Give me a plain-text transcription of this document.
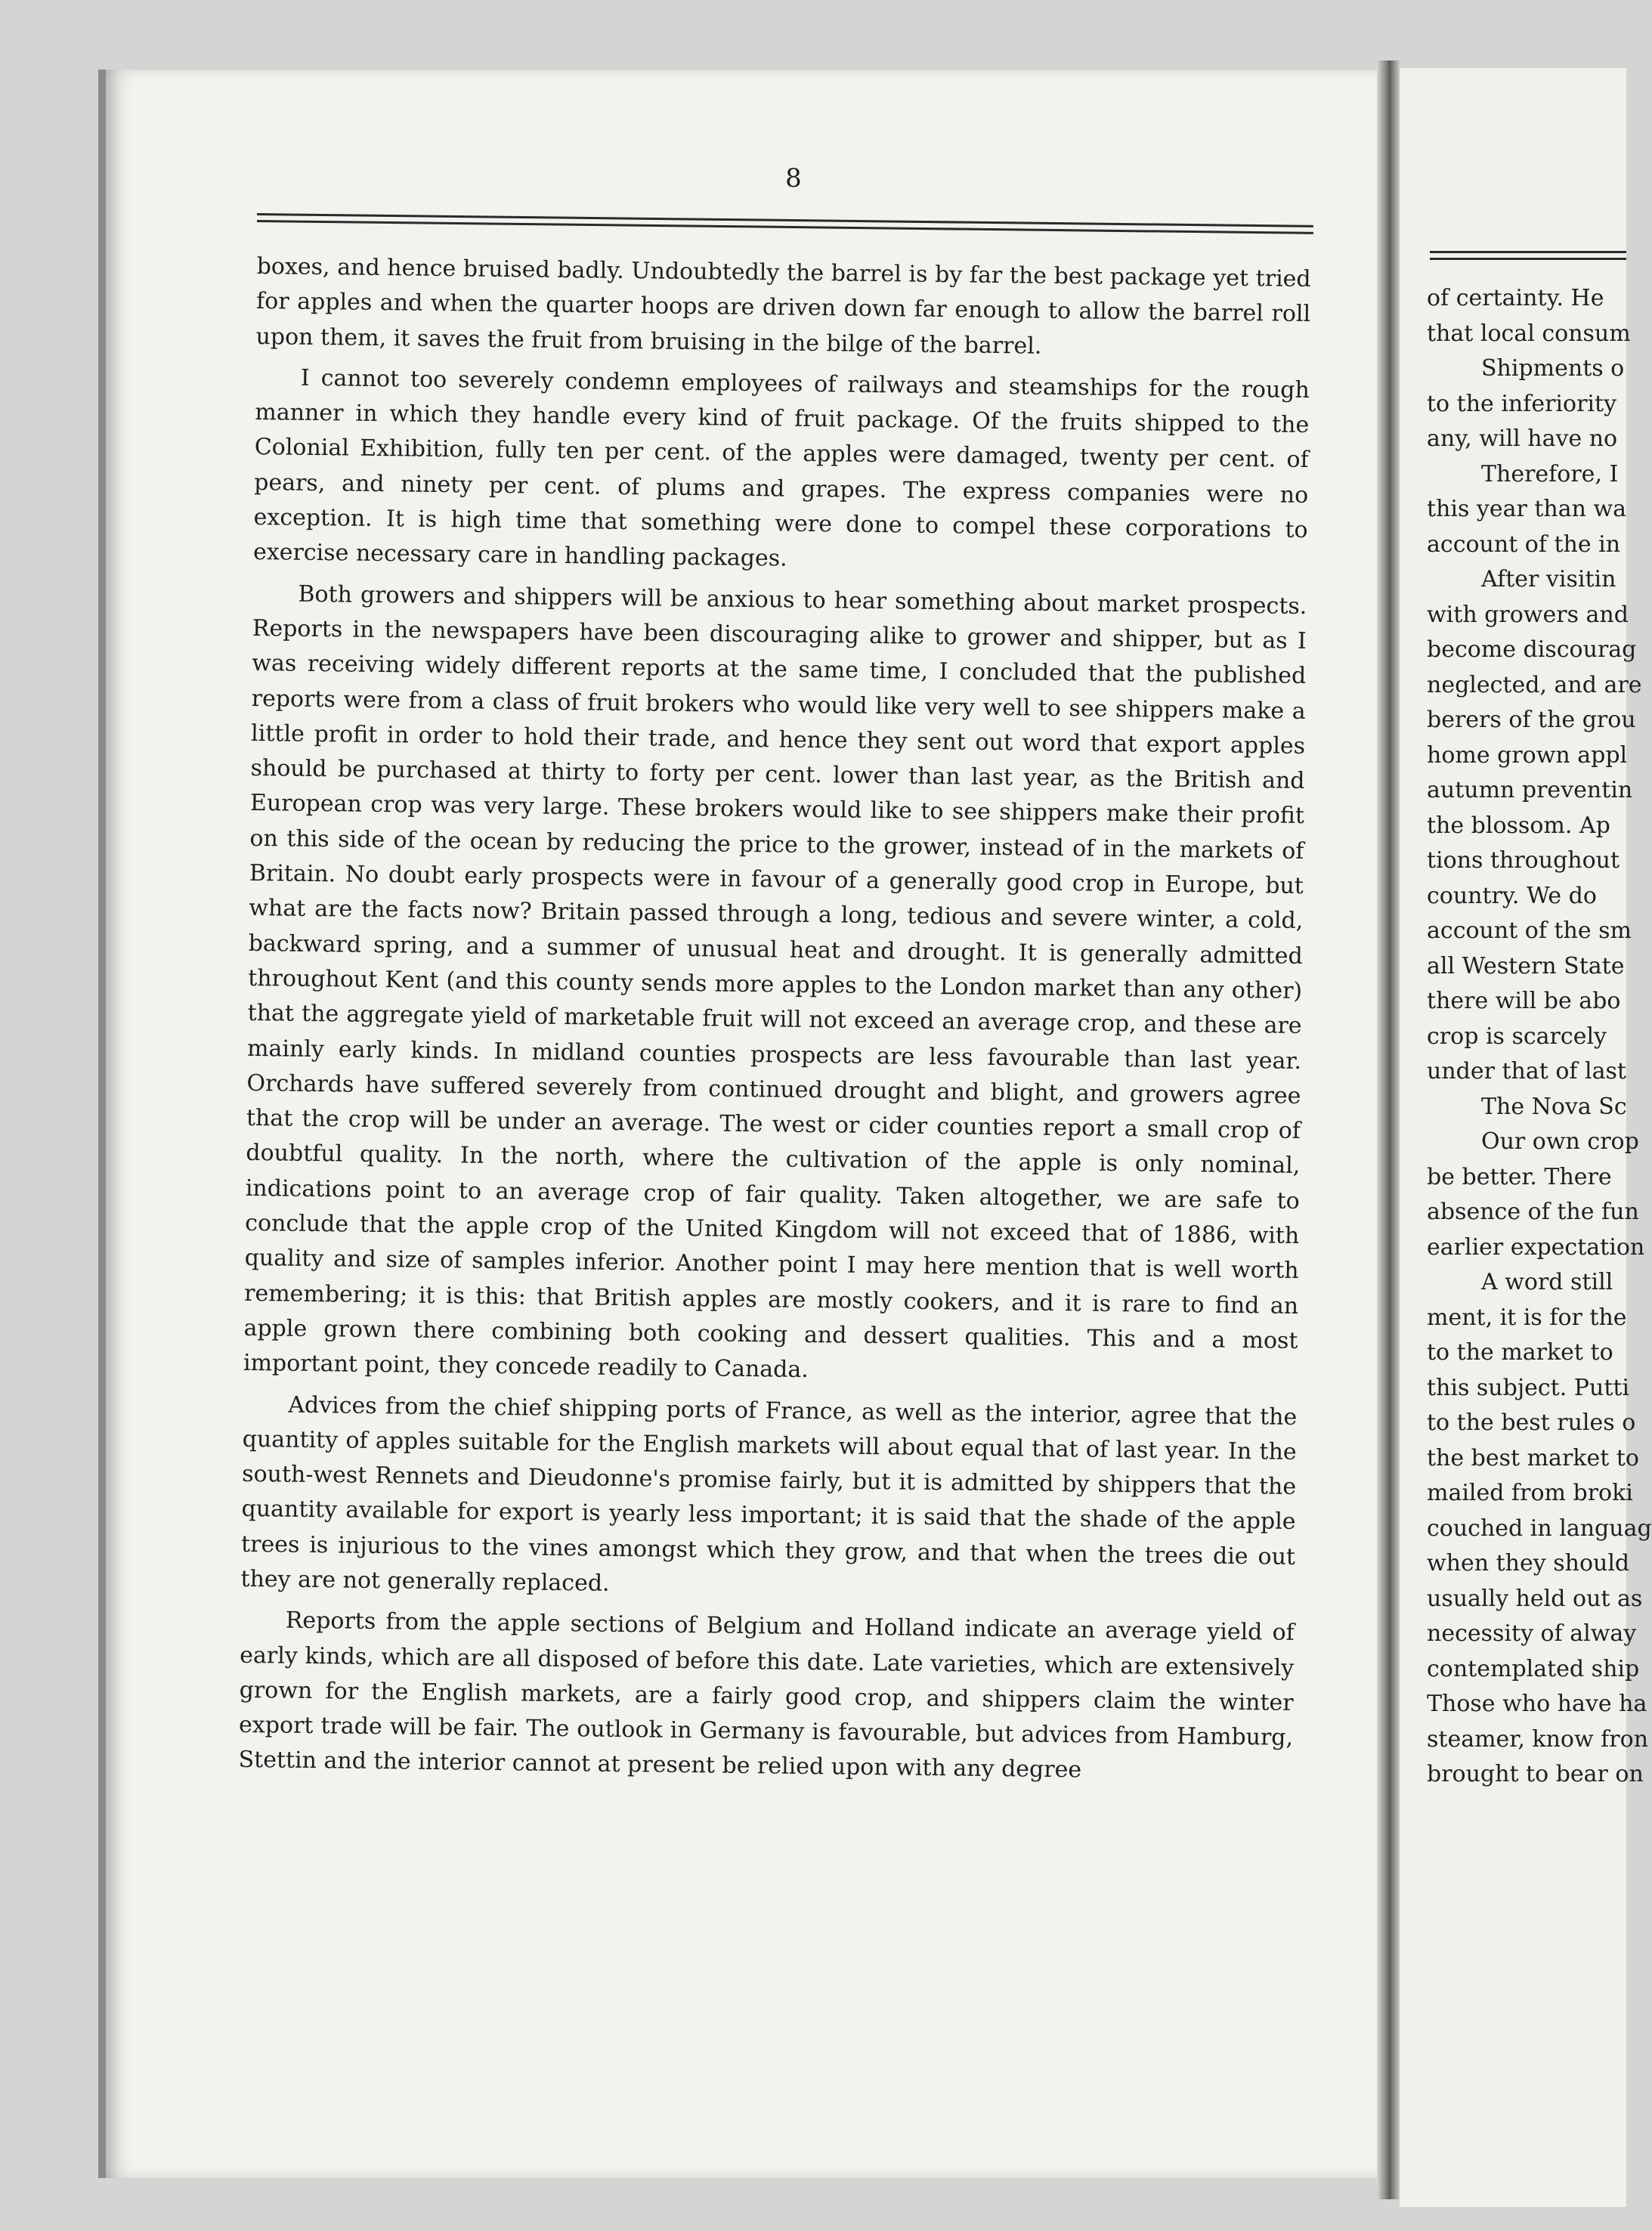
8

boxes, and hence bruised badly. Undoubtedly the barrel is by far the best package yet tried for apples and when the quarter hoops are driven down far enough to allow the barrel roll upon them, it saves the fruit from bruising in the bilge of the barrel.

I cannot too severely condemn employees of railways and steamships for the rough manner in which they handle every kind of fruit package. Of the fruits shipped to the Colonial Exhibition, fully ten per cent. of the apples were damaged, twenty per cent. of pears, and ninety per cent. of plums and grapes. The express companies were no exception. It is high time that something were done to compel these corporations to exercise necessary care in handling packages.

Both growers and shippers will be anxious to hear something about market prospects. Reports in the newspapers have been discouraging alike to grower and shipper, but as I was receiving widely different reports at the same time, I concluded that the published reports were from a class of fruit brokers who would like very well to see shippers make a little profit in order to hold their trade, and hence they sent out word that export apples should be purchased at thirty to forty per cent. lower than last year, as the British and European crop was very large. These brokers would like to see shippers make their profit on this side of the ocean by reducing the price to the grower, instead of in the markets of Britain. No doubt early prospects were in favour of a generally good crop in Europe, but what are the facts now? Britain passed through a long, tedious and severe winter, a cold, backward spring, and a summer of unusual heat and drought. It is generally admitted throughout Kent (and this county sends more apples to the London market than any other) that the aggregate yield of marketable fruit will not exceed an average crop, and these are mainly early kinds. In midland counties prospects are less favourable than last year. Orchards have suffered severely from continued drought and blight, and growers agree that the crop will be under an average. The west or cider counties report a small crop of doubtful quality. In the north, where the cultivation of the apple is only nominal, indications point to an average crop of fair quality. Taken altogether, we are safe to conclude that the apple crop of the United Kingdom will not exceed that of 1886, with quality and size of samples inferior. Another point I may here mention that is well worth remembering; it is this: that British apples are mostly cookers, and it is rare to find an apple grown there combining both cooking and dessert qualities. This and a most important point, they concede readily to Canada.

Advices from the chief shipping ports of France, as well as the interior, agree that the quantity of apples suitable for the English markets will about equal that of last year. In the south-west Rennets and Dieudonne's promise fairly, but it is admitted by shippers that the quantity available for export is yearly less important; it is said that the shade of the apple trees is injurious to the vines amongst which they grow, and that when the trees die out they are not generally replaced.

Reports from the apple sections of Belgium and Holland indicate an average yield of early kinds, which are all disposed of before this date. Late varieties, which are extensively grown for the English markets, are a fairly good crop, and shippers claim the winter export trade will be fair. The outlook in Germany is favourable, but advices from Hamburg, Stettin and the interior cannot at present be relied upon with any degree

of certainty. He
that local consum
Shipments o
to the inferiority
any, will have no
Therefore, I
this year than wa
account of the in
After visitin
with growers and
become discourag
neglected, and are
berers of the grou
home grown appl
autumn preventin
the blossom. Ap
tions throughout
country. We do
account of the sm
all Western State
there will be abo
crop is scarcely
under that of last
The Nova Sc
Our own crop
be better. There
absence of the fun
earlier expectation
A word still
ment, it is for the
to the market to
this subject. Putti
to the best rules o
the best market to
mailed from broki
couched in languag
when they should
usually held out as
necessity of alway
contemplated ship
Those who have ha
steamer, know fron
brought to bear on
